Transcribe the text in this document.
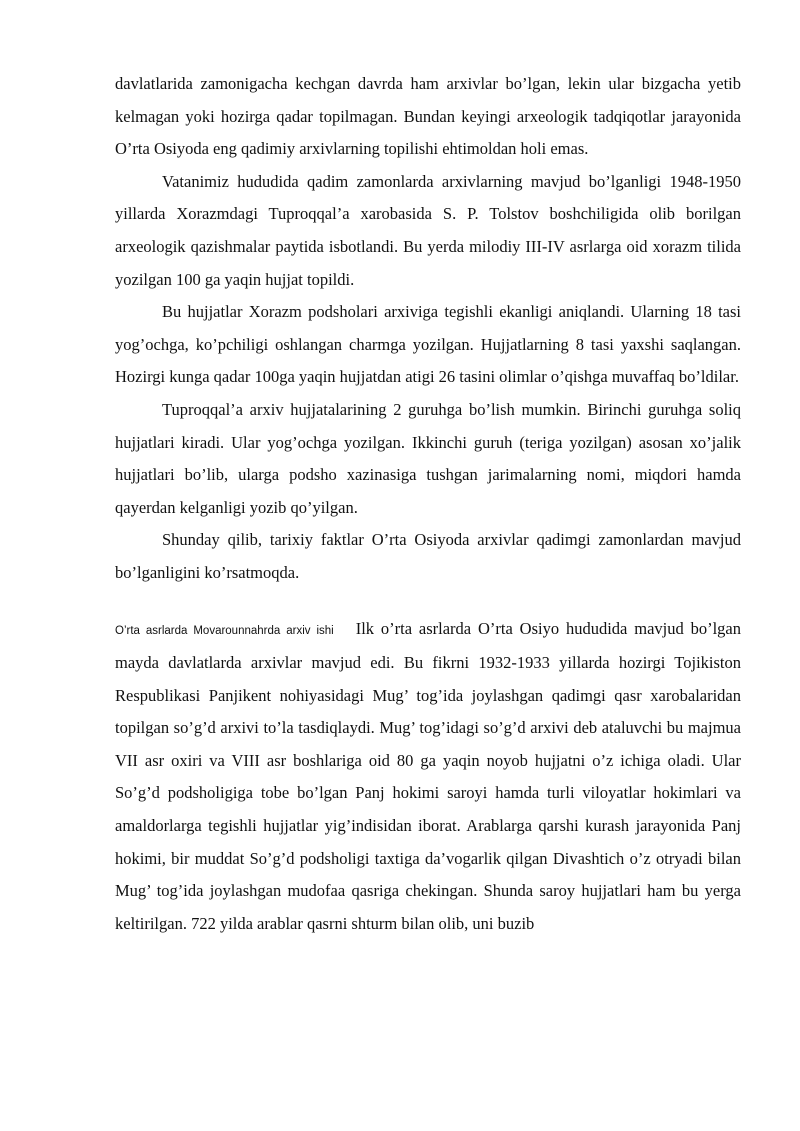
davlatlarida zamonigacha kechgan davrda ham arxivlar bo’lgan, lekin ular bizgacha yetib kelmagan yoki hozirga qadar topilmagan. Bundan keyingi arxeologik tadqiqotlar jarayonida O’rta Osiyoda eng qadimiy arxivlarning topilishi ehtimoldan holi emas.

Vatanimiz hududida qadim zamonlarda arxivlarning mavjud bo’lganligi 1948-1950 yillarda Xorazmdagi Tuproqqal’a xarobasida S. P. Tolstov boshchiligida olib borilgan arxeologik qazishmalar paytida isbotlandi. Bu yerda milodiy III-IV asrlarga oid xorazm tilida yozilgan 100 ga yaqin hujjat topildi.

Bu hujjatlar Xorazm podsholari arxiviga tegishli ekanligi aniqlandi. Ularning 18 tasi yog’ochga, ko’pchiligi oshlangan charmga yozilgan. Hujjatlarning 8 tasi yaxshi saqlangan. Hozirgi kunga qadar 100ga yaqin hujjatdan atigi 26 tasini olimlar o’qishga muvaffaq bo’ldilar.

Tuproqqal’a arxiv hujjatalarining 2 guruhga bo’lish mumkin. Birinchi guruhga soliq hujjatlari kiradi. Ular yog’ochga yozilgan. Ikkinchi guruh (teriga yozilgan) asosan xo’jalik hujjatlari bo’lib, ularga podsho xazinasiga tushgan jarimalarning nomi, miqdori hamda qayerdan kelganligi yozib qo’yilgan.

Shunday qilib, tarixiy faktlar O’rta Osiyoda arxivlar qadimgi zamonlardan mavjud bo’lganligini ko’rsatmoqda.

O’rta asrlarda Movarounnahrda arxiv ishi Ilk o’rta asrlarda O’rta Osiyo hududida mavjud bo’lgan mayda davlatlarda arxivlar mavjud edi. Bu fikrni 1932-1933 yillarda hozirgi Tojikiston Respublikasi Panjikent nohiyasidagi Mug’ tog’ida joylashgan qadimgi qasr xarobalaridan topilgan so’g’d arxivi to’la tasdiqlaydi. Mug’ tog’idagi so’g’d arxivi deb ataluvchi bu majmua VII asr oxiri va VIII asr boshlariga oid 80 ga yaqin noyob hujjatni o’z ichiga oladi. Ular So’g’d podsholigiga tobe bo’lgan Panj hokimi saroyi hamda turli viloyatlar hokimlari va amaldorlarga tegishli hujjatlar yig’indisidan iborat. Arablarga qarshi kurash jarayonida Panj hokimi, bir muddat So’g’d podsholigi taxtiga da’vogarlik qilgan Divashtich o’z otryadi bilan Mug’ tog’ida joylashgan mudofaa qasriga chekingan. Shunda saroy hujjatlari ham bu yerga keltirilgan. 722 yilda arablar qasrni shturm bilan olib, uni buzib
